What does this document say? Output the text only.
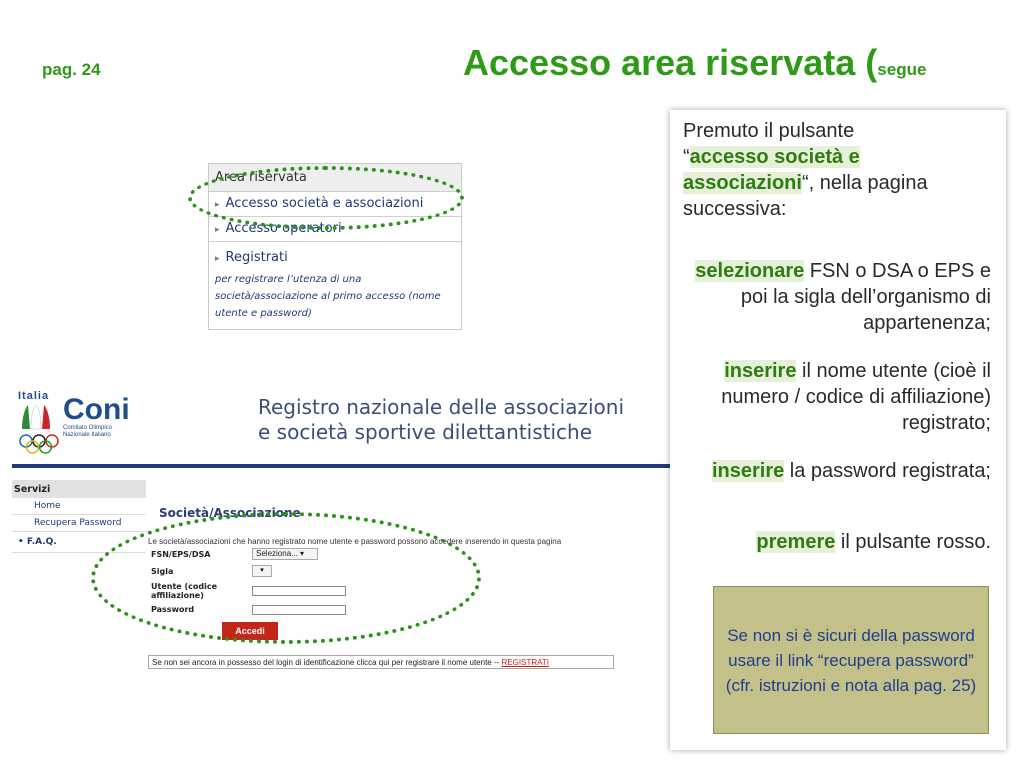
pag. 24	Accesso area riservata (segue
Area riservata
▸ Accesso società e associazioni
▸ Accesso operatori
▸ Registrati
per registrare l’utenza di una
società/associazione al primo accesso (nome
utente e password)
Italia Coni
Comitato Olimpico
Nazionale Italiano
Registro nazionale delle associazioni
e società sportive dilettantistiche
Servizi
Home
Recupera Password
• F.A.Q.
Società/Associazione
Le società/associazioni che hanno registrato nome utente e password possono accedere inserendo in questa pagina
FSN/EPS/DSA	Seleziona... ▾
Sigla	▾
Utente (codice
affiliazione)
Password
Accedi
Se non sei ancora in possesso del login di identificazione clicca qui per registrare il nome utente -- REGISTRATI
Premuto il pulsante
“accesso società e associazioni“, nella pagina successiva:
selezionare FSN o DSA o EPS e poi la sigla dell’organismo di appartenenza;
inserire il nome utente (cioè il numero / codice di affiliazione) registrato;
inserire la password registrata;
premere il pulsante rosso.
Se non si è sicuri della password usare il link “recupera password” (cfr. istruzioni e nota alla pag. 25)
